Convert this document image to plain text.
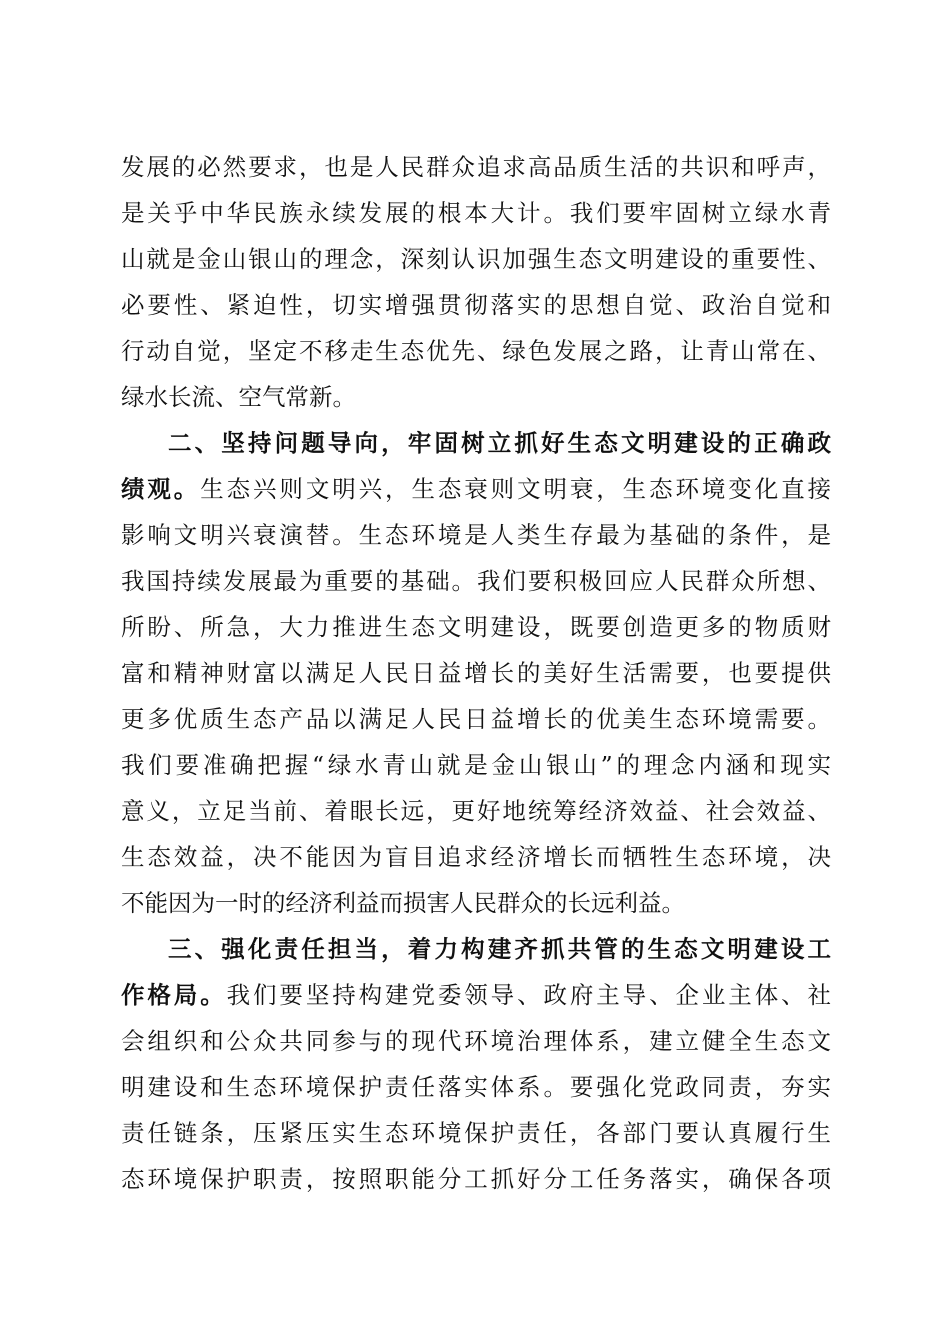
发展的必然要求，也是人民群众追求高品质生活的共识和呼声，

是关乎中华民族永续发展的根本大计。我们要牢固树立绿水青

山就是金山银山的理念，深刻认识加强生态文明建设的重要性、

必要性、紧迫性，切实增强贯彻落实的思想自觉、政治自觉和

行动自觉，坚定不移走生态优先、绿色发展之路，让青山常在、

绿水长流、空气常新。

二、坚持问题导向，牢固树立抓好生态文明建设的正确政

绩观。生态兴则文明兴，生态衰则文明衰，生态环境变化直接

影响文明兴衰演替。生态环境是人类生存最为基础的条件，是

我国持续发展最为重要的基础。我们要积极回应人民群众所想、

所盼、所急，大力推进生态文明建设，既要创造更多的物质财

富和精神财富以满足人民日益增长的美好生活需要，也要提供

更多优质生态产品以满足人民日益增长的优美生态环境需要。

我们要准确把握“绿水青山就是金山银山”的理念内涵和现实

意义，立足当前、着眼长远，更好地统筹经济效益、社会效益、

生态效益，决不能因为盲目追求经济增长而牺牲生态环境，决

不能因为一时的经济利益而损害人民群众的长远利益。

三、强化责任担当，着力构建齐抓共管的生态文明建设工

作格局。我们要坚持构建党委领导、政府主导、企业主体、社

会组织和公众共同参与的现代环境治理体系，建立健全生态文

明建设和生态环境保护责任落实体系。要强化党政同责，夯实

责任链条，压紧压实生态环境保护责任，各部门要认真履行生

态环境保护职责，按照职能分工抓好分工任务落实，确保各项
